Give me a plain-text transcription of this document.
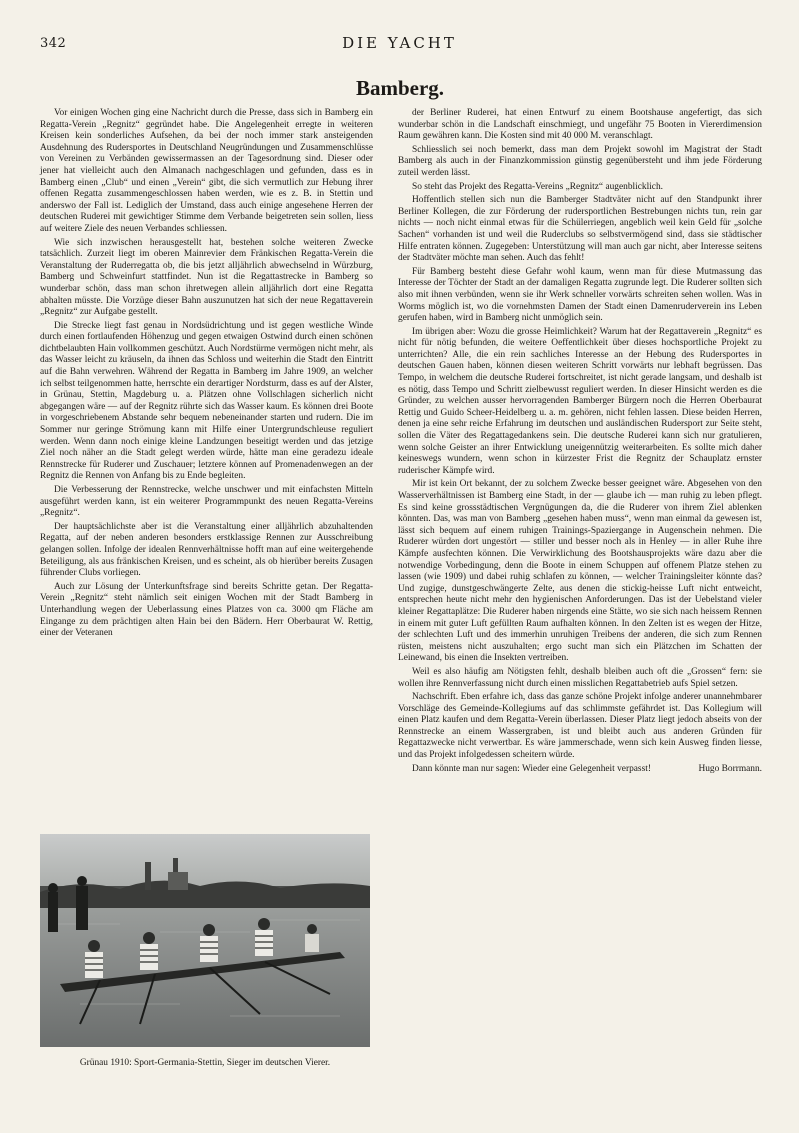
342	DIE YACHT
Bamberg.

Vor einigen Wochen ging eine Nachricht durch die Presse, dass sich in Bamberg ein Regatta-Verein „Regnitz“ gegründet habe. Die Angelegenheit erregte in weiteren Kreisen kein sonderliches Aufsehen, da bei der noch immer stark ansteigenden Ausdehnung des Rudersportes in Deutschland Neugründungen und Zusammenschlüsse von Vereinen zu Verbänden gewissermassen an der Tagesordnung sind. Dieser oder jener hat vielleicht auch den Almanach nachgeschlagen und gefunden, dass es in Bamberg einen „Club“ und einen „Verein“ gibt, die sich vermutlich zur Hebung ihrer offenen Regatta zusammengeschlossen haben werden, wie es z. B. in Stettin und anderswo der Fall ist. Lediglich der Umstand, dass auch einige angesehene Herren der deutschen Ruderei mit gewichtiger Stimme dem Verbande beigetreten sein sollen, liess auf weitere Ziele des neuen Verbandes schliessen.

Wie sich inzwischen herausgestellt hat, bestehen solche weiteren Zwecke tatsächlich. Zurzeit liegt im oberen Mainrevier dem Fränkischen Regatta-Verein die Veranstaltung der Ruderregatta ob, die bis jetzt alljährlich abwechselnd in Würzburg, Bamberg und Schweinfurt stattfindet. Nun ist die Regattastrecke in Bamberg so wunderbar schön, dass man schon ihretwegen allein alljährlich dort eine Regatta abhalten müsste. Die Vorzüge dieser Bahn auszunutzen hat sich der neue Regattaverein „Regnitz“ zur Aufgabe gestellt.

Die Strecke liegt fast genau in Nordsüdrichtung und ist gegen westliche Winde durch einen fortlaufenden Höhenzug und gegen etwaigen Ostwind durch einen schönen dichtbelaubten Hain vollkommen geschützt. Auch Nordstürme vermögen nicht mehr, als das Wasser leicht zu kräuseln, da ihnen das Schloss und weiterhin die Stadt den Eintritt auf die Bahn verwehren. Während der Regatta in Bamberg im Jahre 1909, an welcher ich selbst teilgenommen hatte, herrschte ein derartiger Nordsturm, dass es auf der Alster, in Grünau, Stettin, Magdeburg u. a. Plätzen ohne Vollschlagen sicherlich nicht abgegangen wäre — auf der Regnitz rührte sich das Wasser kaum. Es können drei Boote in vorgeschriebenem Abstande sehr bequem nebeneinander starten und rudern. Die im Sommer nur geringe Strömung kann mit Hilfe einer Untergrundschleuse reguliert werden. Wenn dann noch einige kleine Landzungen beseitigt werden und das jetzige Ziel noch näher an die Stadt gelegt werden würde, hätte man eine geradezu ideale Rennstrecke für Ruderer und Zuschauer; letztere können auf Promenadenwegen an der Regnitz die Rennen von Anfang bis zu Ende begleiten.

Die Verbesserung der Rennstrecke, welche unschwer und mit einfachsten Mitteln ausgeführt werden kann, ist ein weiterer Programmpunkt des neuen Regatta-Vereins „Regnitz“.

Der hauptsächlichste aber ist die Veranstaltung einer alljährlich abzuhaltenden Regatta, auf der neben anderen besonders erstklassige Rennen zur Ausschreibung gelangen sollen. Infolge der idealen Rennverhältnisse hofft man auf eine weitergehende Beteiligung, als aus fränkischen Kreisen, und es scheint, als ob hierüber bereits Zusagen führender Clubs vorliegen.

Auch zur Lösung der Unterkunftsfrage sind bereits Schritte getan. Der Regatta-Verein „Regnitz“ steht nämlich seit einigen Wochen mit der Stadt Bamberg in Unterhandlung wegen der Ueberlassung eines Platzes von ca. 3000 qm Fläche am Eingange zu dem prächtigen alten Hain bei den Bädern. Herr Oberbaurat W. Rettig, einer der Veteranen

Grünau 1910: Sport-Germania-Stettin, Sieger im deutschen Vierer.

der Berliner Ruderei, hat einen Entwurf zu einem Bootshause angefertigt, das sich wunderbar schön in die Landschaft einschmiegt, und ungefähr 75 Booten in Viererdimension Raum gewähren kann. Die Kosten sind mit 40 000 M. veranschlagt.

Schliesslich sei noch bemerkt, dass man dem Projekt sowohl im Magistrat der Stadt Bamberg als auch in der Finanzkommission günstig gegenübersteht und ihm jede Förderung zuteil werden lässt.

So steht das Projekt des Regatta-Vereins „Regnitz“ augenblicklich.

Hoffentlich stellen sich nun die Bamberger Stadtväter nicht auf den Standpunkt ihrer Berliner Kollegen, die zur Förderung der rudersportlichen Bestrebungen nichts tun, rein gar nichts — noch nicht einmal etwas für die Schülerriegen, angeblich weil kein Geld für „solche Sachen“ vorhanden ist und weil die Ruderclubs so selbstvermögend sind, dass sie städtischer Hilfe entraten können. Zugegeben: Unterstützung will man auch gar nicht, aber Interesse seitens der Stadtväter möchte man sehen. Auch das fehlt!

Für Bamberg besteht diese Gefahr wohl kaum, wenn man für diese Mutmassung das Interesse der Töchter der Stadt an der damaligen Regatta zugrunde legt. Die Ruderer sollten sich also mit ihnen verbünden, wenn sie ihr Werk schneller vorwärts schreiten sehen wollen. Was in Worms möglich ist, wo die vornehmsten Damen der Stadt einen Damenruderverein ins Leben gerufen haben, wird in Bamberg nicht unmöglich sein.

Im übrigen aber: Wozu die grosse Heimlichkeit? Warum hat der Regattaverein „Regnitz“ es nicht für nötig befunden, die weitere Oeffentlichkeit über dieses hochsportliche Projekt zu unterrichten? Alle, die ein rein sachliches Interesse an der Hebung des Rudersportes in deutschen Gauen haben, können diesen weiteren Schritt vorwärts nur lebhaft begrüssen. Das Tempo, in welchem die deutsche Ruderei fortschreitet, ist nicht gerade langsam, und deshalb ist es nötig, dass Tempo und Schritt zielbewusst reguliert werden. In dieser Hinsicht werden es die Gründer, zu welchen ausser hervorragenden Bamberger Bürgern noch die Herren Oberbaurat Rettig und Guido Scheer-Heidelberg u. a. m. gehören, nicht fehlen lassen. Diese beiden Herren, denen ja eine sehr reiche Erfahrung im deutschen und ausländischen Rudersport zur Seite steht, sollen die Väter des Regattagedankens sein. Die deutsche Ruderei kann sich nur gratulieren, wenn solche Geister an ihrer Entwicklung uneigennützig weiterarbeiten. Es sollte mich daher keineswegs wundern, wenn schon in kürzester Frist die Regnitz der Schauplatz ernster ruderischer Kämpfe wird.

Mir ist kein Ort bekannt, der zu solchem Zwecke besser geeignet wäre. Abgesehen von den Wasserverhältnissen ist Bamberg eine Stadt, in der — glaube ich — man ruhig zu leben pflegt. Es sind keine grossstädtischen Vergnügungen da, die die Ruderer von ihrem Ziel ablenken könnten. Das, was man von Bamberg „gesehen haben muss“, wenn man einmal da gewesen ist, lässt sich bequem auf einem ruhigen Trainings-Spaziergange in Augenschein nehmen. Die Ruderer würden dort ungestört — stiller und besser noch als in Henley — in aller Ruhe ihre Kämpfe ausfechten können. Die Verwirklichung des Bootshausprojekts wäre dazu aber die notwendige Vorbedingung, denn die Boote in einem Schuppen auf offenem Platze stehen zu lassen (wie 1909) und dabei ruhig schlafen zu können, — welcher Trainingsleiter könnte das? Und zugige, dunstgeschwängerte Zelte, aus denen die stickig-heisse Luft nicht entweicht, entsprechen heute nicht mehr den hygienischen Anforderungen. Das ist der Uebelstand vieler kleiner Regattaplätze: Die Ruderer haben nirgends eine Stätte, wo sie sich nach heissem Rennen in einem mit guter Luft gefüllten Raum aufhalten können. In den Zelten ist es wegen der Hitze, der schlechten Luft und des immerhin unruhigen Treibens der anderen, die sich zum Rennen rüsten, meistens nicht auszuhalten; ergo sucht man sich ein Plätzchen im Schatten der Leinewand, bis einen die Insekten vertreiben.

Weil es also häufig am Nötigsten fehlt, deshalb bleiben auch oft die „Grossen“ fern: sie wollen ihre Rennverfassung nicht durch einen misslichen Regattabetrieb aufs Spiel setzen.

Nachschrift. Eben erfahre ich, dass das ganze schöne Projekt infolge anderer unannehmbarer Vorschläge des Gemeinde-Kollegiums auf das schlimmste gefährdet ist. Das Kollegium will einen Platz kaufen und dem Regatta-Verein überlassen. Dieser Platz liegt jedoch abseits von der Rennstrecke an einem Wassergraben, ist und bleibt auch aus anderen Gründen für Regattazwecke nicht verwertbar. Es wäre jammerschade, wenn sich kein Ausweg finden liesse, und das Projekt infolgedessen scheitern würde.

Dann könnte man nur sagen: Wieder eine Gelegenheit verpasst!	Hugo Borrmann.
